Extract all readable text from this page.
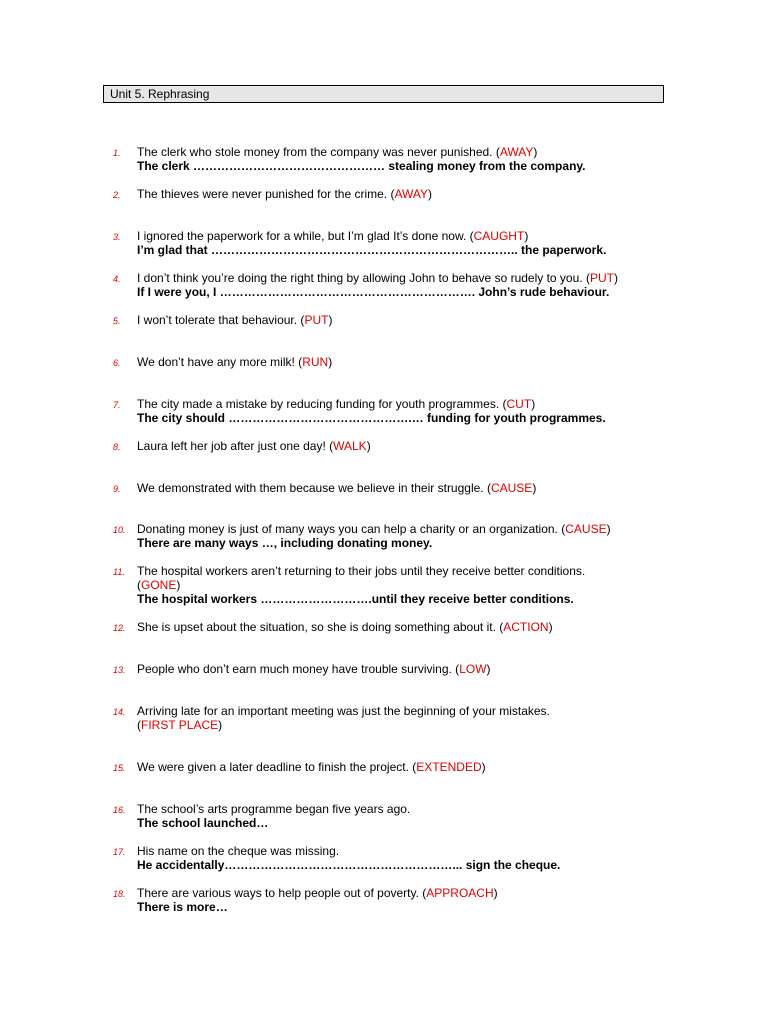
Unit 5. Rephrasing
1.	The clerk who stole money from the company was never punished. (AWAY)
The clerk ………………………………………… stealing money from the company.
2.	The thieves were never punished for the crime. (AWAY)
3.	I ignored the paperwork for a while, but I’m glad It’s done now. (CAUGHT)
I’m glad that ………………………………………………………………….. the paperwork.
4.	I don’t think you’re doing the right thing by allowing John to behave so rudely to you. (PUT)
If I were you, I ………………………………………………………. John’s rude behaviour.
5.	I won’t tolerate that behaviour. (PUT)
6.	We don’t have any more milk! (RUN)
7.	The city made a mistake by reducing funding for youth programmes. (CUT)
The city should ……………………………………….… funding for youth programmes.
8.	Laura left her job after just one day! (WALK)
9.	We demonstrated with them because we believe in their struggle. (CAUSE)
10. Donating money is just of many ways you can help a charity or an organization. (CAUSE)
There are many ways …, including donating money.
11.	The hospital workers aren’t returning to their jobs until they receive better conditions.
(GONE)
The hospital workers ……………………….until they receive better conditions.
12. She is upset about the situation, so she is doing something about it. (ACTION)
13. People who don’t earn much money have trouble surviving. (LOW)
14. Arriving late for an important meeting was just the beginning of your mistakes.
(FIRST PLACE)
15. We were given a later deadline to finish the project. (EXTENDED)
16. The school’s arts programme began five years ago.
The school launched…
17. His name on the cheque was missing.
He accidentally…………………………………………………... sign the cheque.
18. There are various ways to help people out of poverty. (APPROACH)
There is more…
